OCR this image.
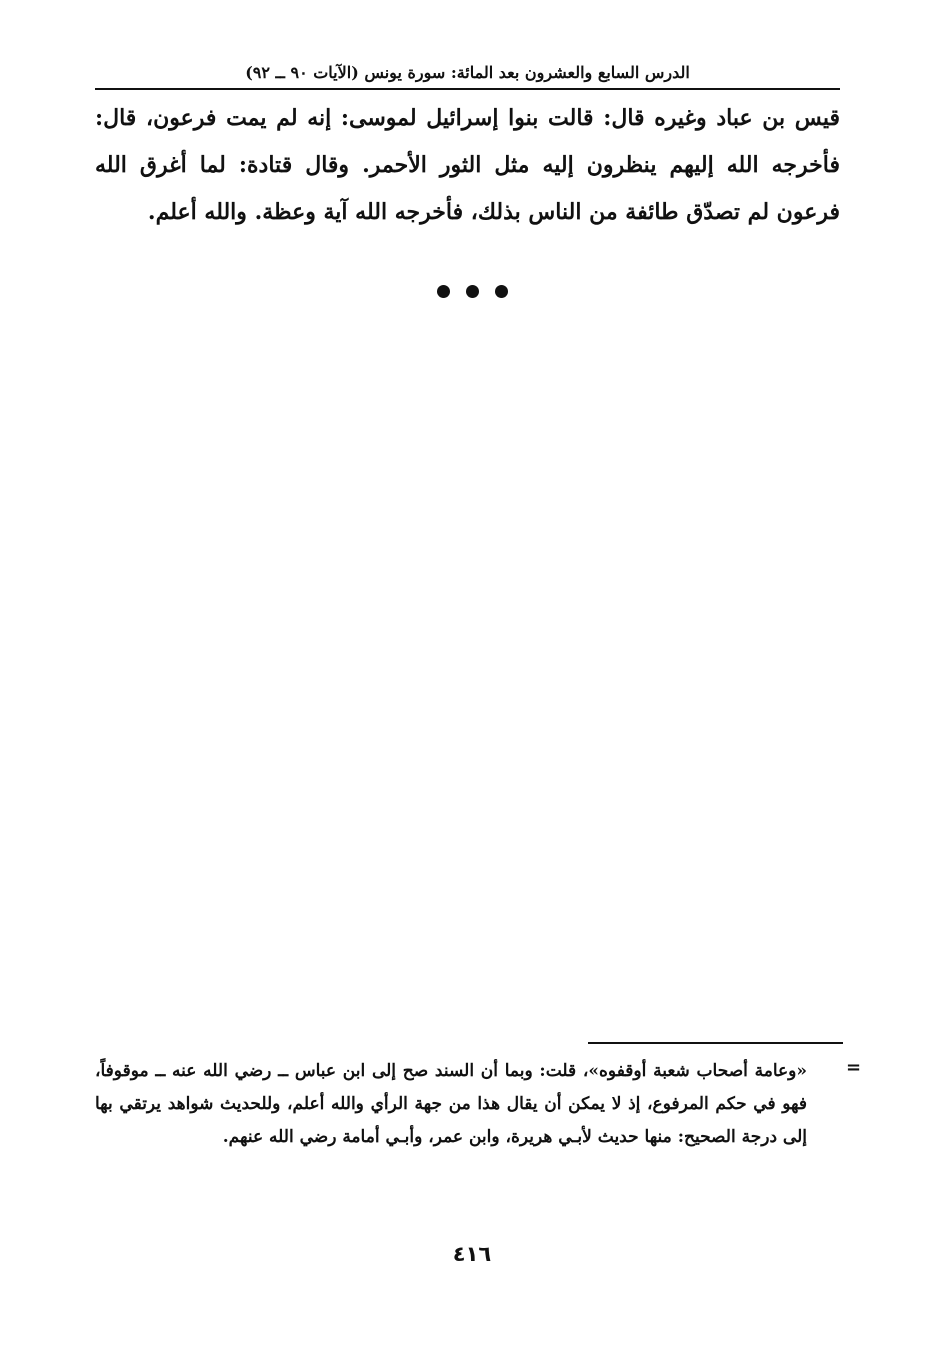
الدرس السابع والعشرون بعد المائة: سورة يونس (الآيات ٩٠ ــ ٩٢)

قيس بن عباد وغيره قال: قالت بنوا إسرائيل لموسى: إنه لم يمت فرعون، قال: فأخرجه الله إليهم ينظرون إليه مثل الثور الأحمر. وقال قتادة: لما أغرق الله فرعون لم تصدّق طائفة من الناس بذلك، فأخرجه الله آية وعظة. والله أعلم.

=

«وعامة أصحاب شعبة أوقفوه»، قلت: وبما أن السند صح إلى ابن عباس ــ رضي الله عنه ــ موقوفاً، فهو في حكم المرفوع، إذ لا يمكن أن يقال هذا من جهة الرأي والله أعلم، وللحديث شواهد يرتقي بها إلى درجة الصحيح: منها حديث لأبـي هريرة، وابن عمر، وأبـي أمامة رضي الله عنهم.

٤١٦
